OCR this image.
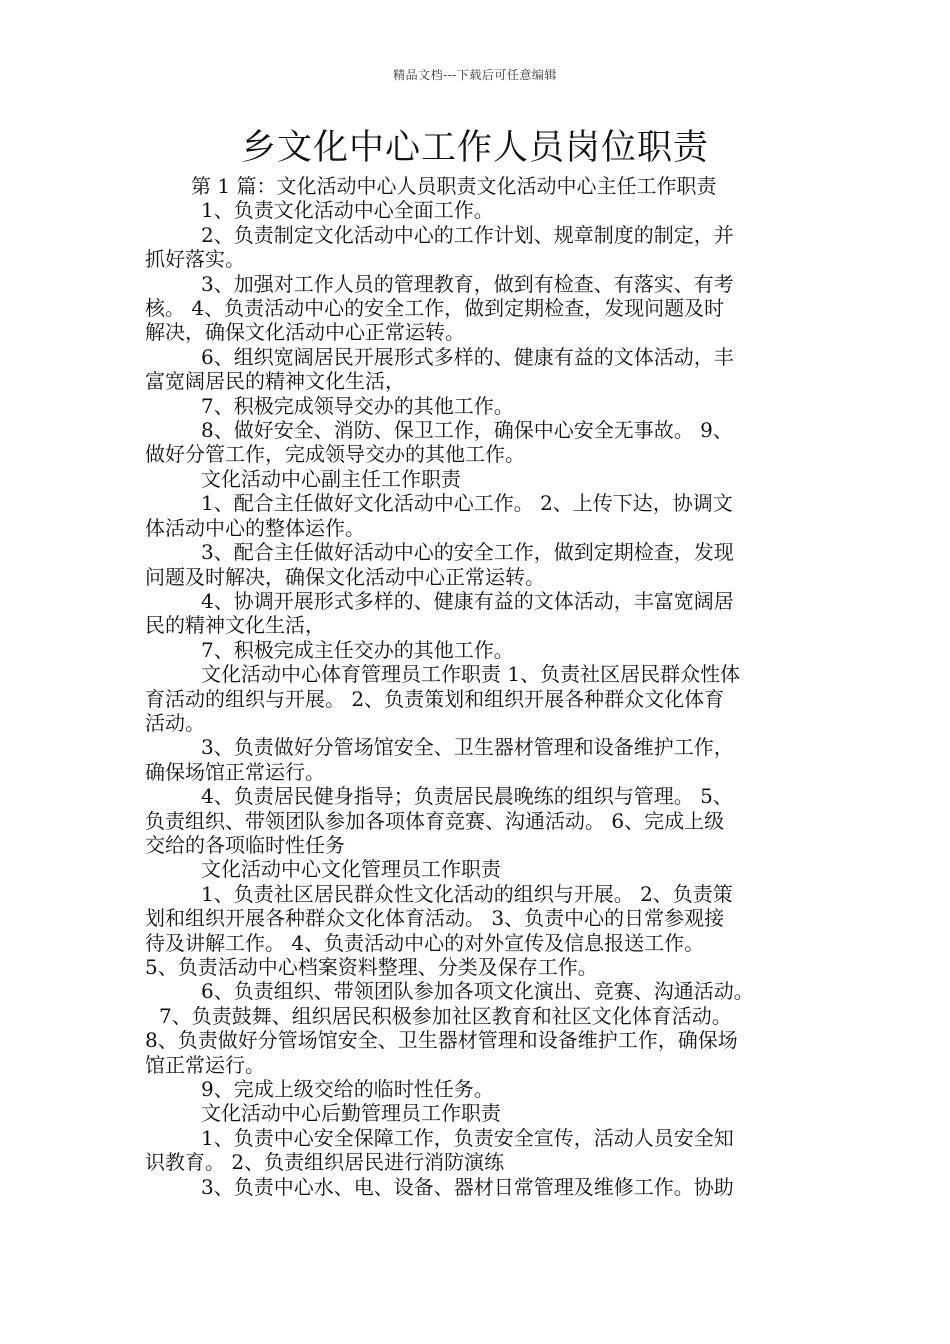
精品文档---下载后可任意编辑
乡文化中心工作人员岗位职责

第 1 篇：文化活动中心人员职责文化活动中心主任工作职责

1、负责文化活动中心全面工作。

2、负责制定文化活动中心的工作计划、规章制度的制定，并

抓好落实。

3、加强对工作人员的管理教育，做到有检查、有落实、有考

核。 4、负责活动中心的安全工作，做到定期检查，发现问题及时

解决，确保文化活动中心正常运转。

6、组织宽阔居民开展形式多样的、健康有益的文体活动，丰

富宽阔居民的精神文化生活，

7、积极完成领导交办的其他工作。

8、做好安全、消防、保卫工作，确保中心安全无事故。 9、

做好分管工作，完成领导交办的其他工作。

文化活动中心副主任工作职责

1、配合主任做好文化活动中心工作。 2、上传下达，协调文

体活动中心的整体运作。

3、配合主任做好活动中心的安全工作，做到定期检查，发现

问题及时解决，确保文化活动中心正常运转。

4、协调开展形式多样的、健康有益的文体活动，丰富宽阔居

民的精神文化生活，

7、积极完成主任交办的其他工作。

文化活动中心体育管理员工作职责 1、负责社区居民群众性体

育活动的组织与开展。 2、负责策划和组织开展各种群众文化体育

活动。

3、负责做好分管场馆安全、卫生器材管理和设备维护工作，

确保场馆正常运行。

4、负责居民健身指导；负责居民晨晚练的组织与管理。 5、

负责组织、带领团队参加各项体育竞赛、沟通活动。 6、完成上级

交给的各项临时性任务

文化活动中心文化管理员工作职责

1、负责社区居民群众性文化活动的组织与开展。 2、负责策

划和组织开展各种群众文化体育活动。 3、负责中心的日常参观接

待及讲解工作。 4、负责活动中心的对外宣传及信息报送工作。

5、负责活动中心档案资料整理、分类及保存工作。

6、负责组织、带领团队参加各项文化演出、竞赛、沟通活动。

7、负责鼓舞、组织居民积极参加社区教育和社区文化体育活动。

8、负责做好分管场馆安全、卫生器材管理和设备维护工作，确保场

馆正常运行。

9、完成上级交给的临时性任务。

文化活动中心后勤管理员工作职责

1、负责中心安全保障工作，负责安全宣传，活动人员安全知

识教育。 2、负责组织居民进行消防演练

3、负责中心水、电、设备、器材日常管理及维修工作。协助
